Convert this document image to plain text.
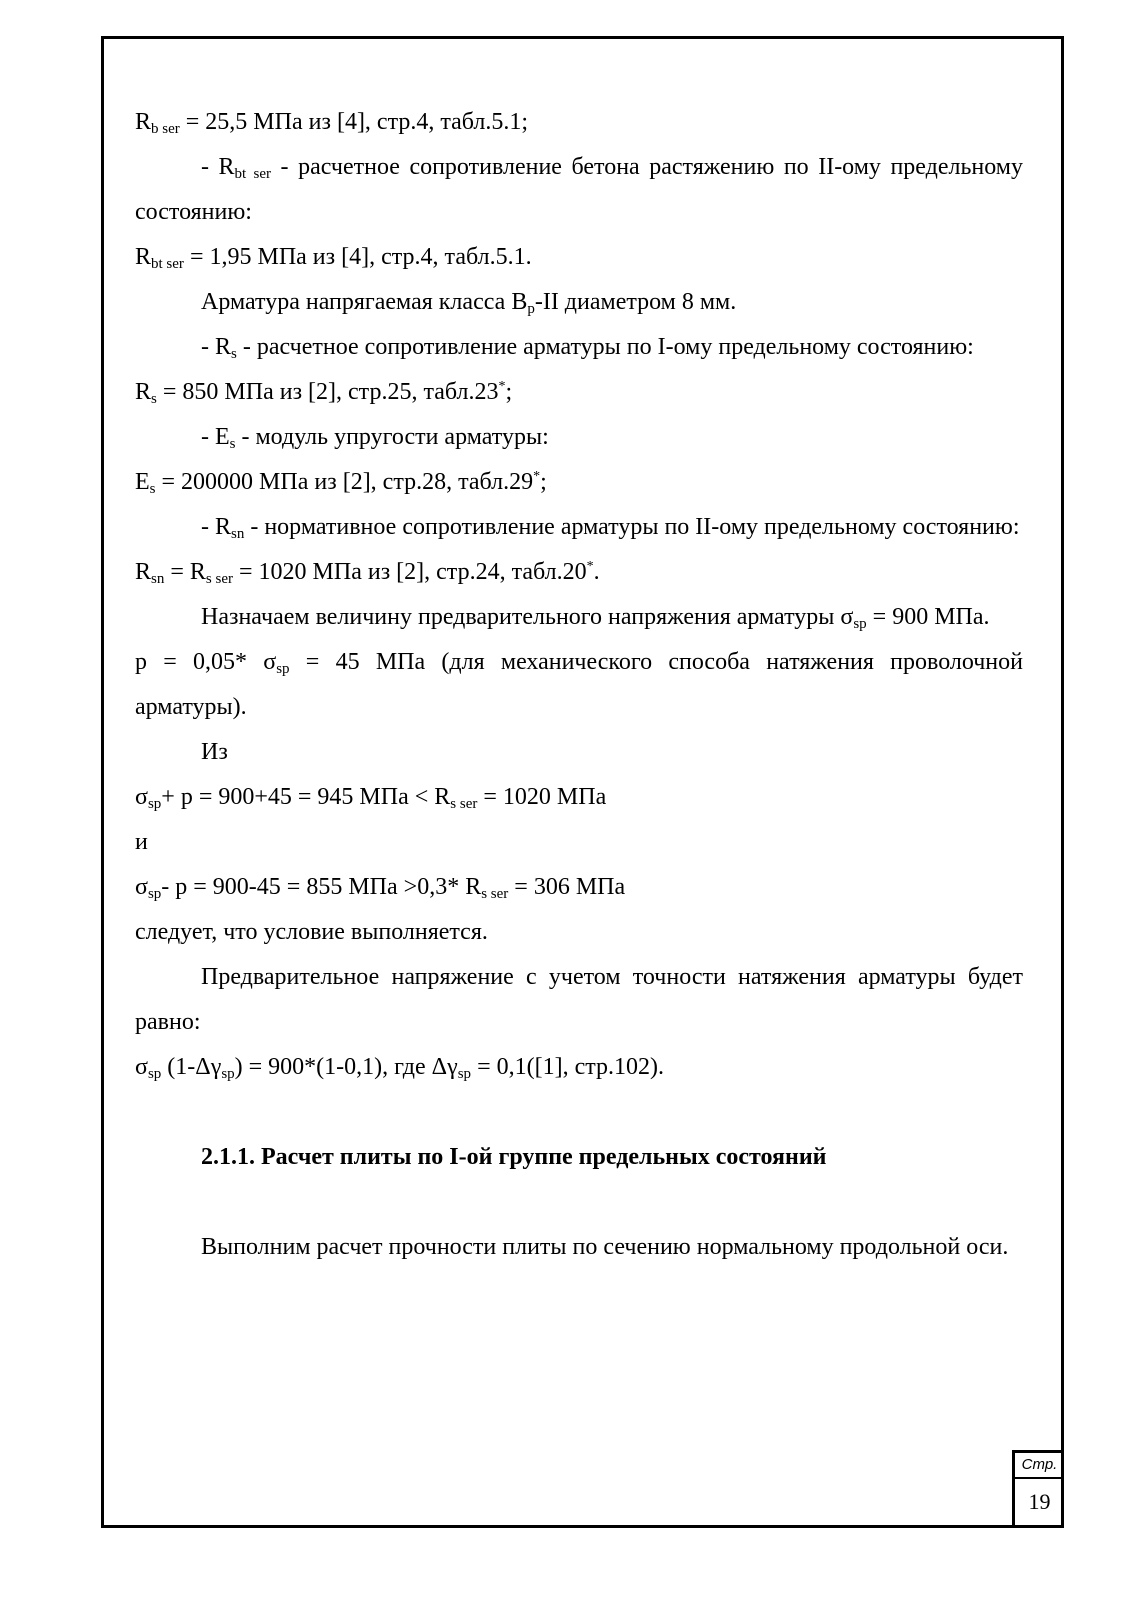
$R_{b ser} = 25,5$ МПа из [4], стр.4, табл.5.1;

- $R_{bt ser}$ - расчетное сопротивление бетона растяжению по II-ому предельному состоянию:

$R_{bt ser} = 1,95$ МПа из [4], стр.4, табл.5.1.

Арматура напрягаемая класса $В_р-II$ диаметром 8 мм.

- $R_s$ - расчетное сопротивление арматуры по I-ому предельному состоянию:

$R_s = 850$ МПа из [2], стр.25, табл.23*;

- $E_s$ - модуль упругости арматуры:

$E_s = 200000$ МПа из [2], стр.28, табл.29*;

- $R_{sn}$ - нормативное сопротивление арматуры по II-ому предельному состоянию:

$R_{sn} = R_{s ser} = 1020$ МПа из [2], стр.24, табл.20*.

Назначаем величину предварительного напряжения арматуры $\sigma_{sp} = 900$ МПа.

p = 0,05* $\sigma_{sp} = 45$ МПа (для механического способа натяжения проволочной арматуры).

Из

$\sigma_{sp}+ p = 900+45 = 945$ МПа < $R_{s ser} = 1020$ МПа

и

$\sigma_{sp}-$ p = 900-45 = 855 МПа >0,3* $R_{s ser} = 306$ МПа

следует, что условие выполняется.

Предварительное напряжение с учетом точности натяжения арматуры будет равно:

$\sigma_{sp}$ $(1-\Delta\gamma_{sp}) = 900*(1-0,1)$, где $\Delta\gamma_{sp} = 0,1([1]$, стр.102).

2.1.1. Расчет плиты по I-ой группе предельных состояний

Выполним расчет прочности плиты по сечению нормальному продольной оси.

Стр.
19
